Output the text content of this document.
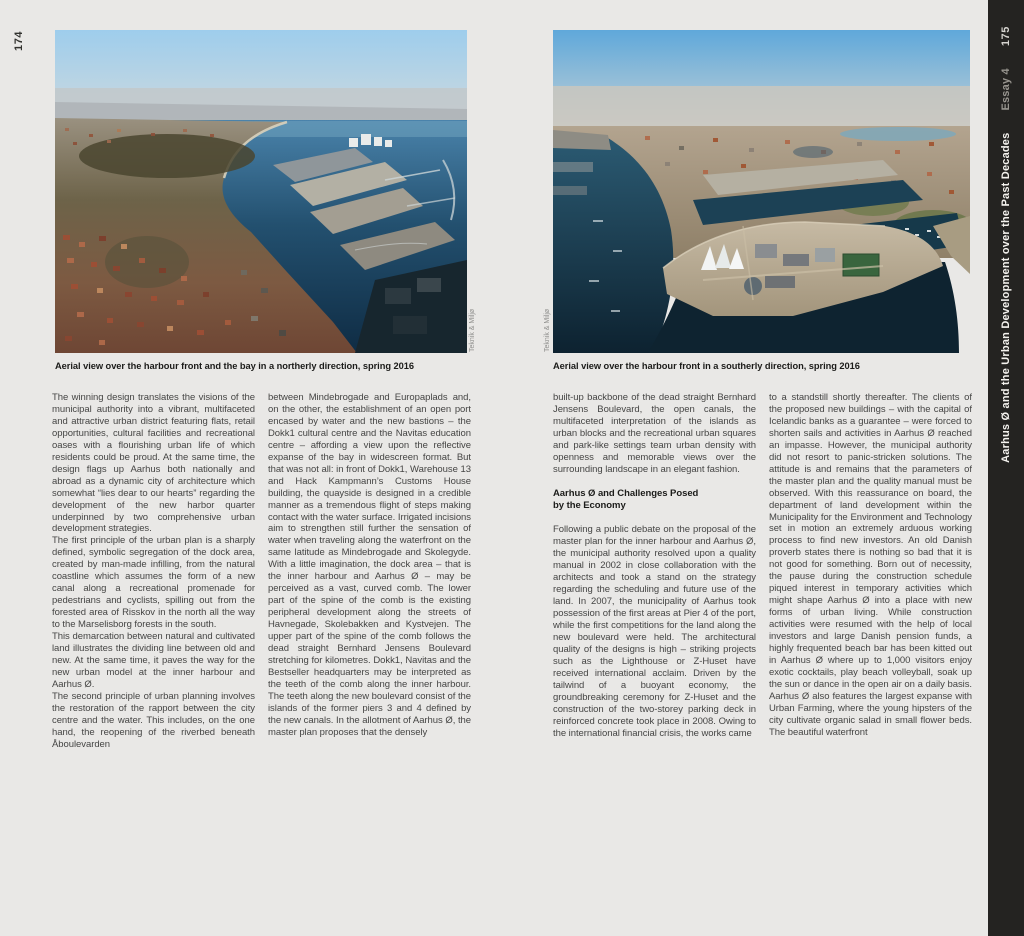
174
Aerial view over the harbour front and the bay in a northerly direction, spring 2016	Aerial view over the harbour front in a southerly direction, spring 2016
Teknik & Miljø	Teknik & Miljø

The winning design translates the visions of the municipal authority into a vibrant, multifaceted and attractive urban district featuring flats, retail opportunities, cultural facilities and recreational oases with a flourishing urban life of which residents could be proud. At the same time, the design flags up Aarhus both nationally and abroad as a dynamic city of architecture which somewhat “lies dear to our hearts” regarding the development of the new harbor quarter underpinned by two comprehensive urban development strategies.

The first principle of the urban plan is a sharply defined, symbolic segregation of the dock area, created by man-made infilling, from the natural coastline which assumes the form of a new canal along a recreational promenade for pedestrians and cyclists, spilling out from the forested area of Risskov in the north all the way to the Marselisborg forests in the south.

This demarcation between natural and cultivated land illustrates the dividing line between old and new. At the same time, it paves the way for the new urban model at the inner harbour and Aarhus Ø.

The second principle of urban planning involves the restoration of the rapport between the city centre and the water. This includes, on the one hand, the reopening of the riverbed beneath Åboulevarden

between Mindebrogade and Europaplads and, on the other, the establishment of an open port encased by water and the new bastions – the Dokk1 cultural centre and the Navitas education centre – affording a view upon the reflective expanse of the bay in widescreen format. But that was not all: in front of Dokk1, Warehouse 13 and Hack Kampmann’s Customs House building, the quayside is designed in a credible manner as a tremendous flight of steps making contact with the water surface. Irrigated incisions aim to strengthen still further the sensation of water when traveling along the waterfront on the same latitude as Mindebrogade and Skolegyde. With a little imagination, the dock area – that is the inner harbour and Aarhus Ø – may be perceived as a vast, curved comb. The lower part of the spine of the comb is the existing peripheral development along the streets of Havnegade, Skolebakken and Kystvejen. The upper part of the spine of the comb follows the dead straight Bernhard Jensens Boulevard stretching for kilometres. Dokk1, Navitas and the Bestseller headquarters may be interpreted as the teeth of the comb along the inner harbour. The teeth along the new boulevard consist of the islands of the former piers 3 and 4 defined by the new canals. In the allotment of Aarhus Ø, the master plan proposes that the densely

built-up backbone of the dead straight Bernhard Jensens Boulevard, the open canals, the multifaceted interpretation of the islands as urban blocks and the recreational urban squares and park-like settings team urban density with openness and memorable views over the surrounding landscape in an elegant fashion.

Aarhus Ø and Challenges Posed
by the Economy

Following a public debate on the proposal of the master plan for the inner harbour and Aarhus Ø, the municipal authority resolved upon a quality manual in 2002 in close collaboration with the architects and took a stand on the strategy regarding the scheduling and future use of the land. In 2007, the municipality of Aarhus took possession of the first areas at Pier 4 of the port, while the first competitions for the land along the new boulevard were held. The architectural quality of the designs is high – striking projects such as the Lighthouse or Z-Huset have received international acclaim. Driven by the tailwind of a buoyant economy, the groundbreaking ceremony for Z-Huset and the construction of the two-storey parking deck in reinforced concrete took place in 2008. Owing to the international financial crisis, the works came

to a standstill shortly thereafter. The clients of the proposed new buildings – with the capital of Icelandic banks as a guarantee – were forced to shorten sails and activities in Aarhus Ø reached an impasse. However, the municipal authority did not resort to panic-stricken solutions. The attitude is and remains that the parameters of the master plan and the quality manual must be observed. With this reassurance on board, the department of land development within the Municipality for the Environment and Technology set in motion an extremely arduous working process to find new investors. An old Danish proverb states there is nothing so bad that it is not good for something. Born out of necessity, the pause during the construction schedule piqued interest in temporary activities which might shape Aarhus Ø into a place with new forms of urban living. While construction activities were resumed with the help of local investors and large Danish pension funds, a highly frequented beach bar has been kitted out in Aarhus Ø where up to 1,000 visitors enjoy exotic cocktails, play beach volleyball, soak up the sun or dance in the open air on a daily basis. Aarhus Ø also features the largest expanse with Urban Farming, where the young hipsters of the city cultivate organic salad in small flower beds. The beautiful waterfront

Aarhus Ø and the Urban Development over the Past Decades
Essay 4
175
